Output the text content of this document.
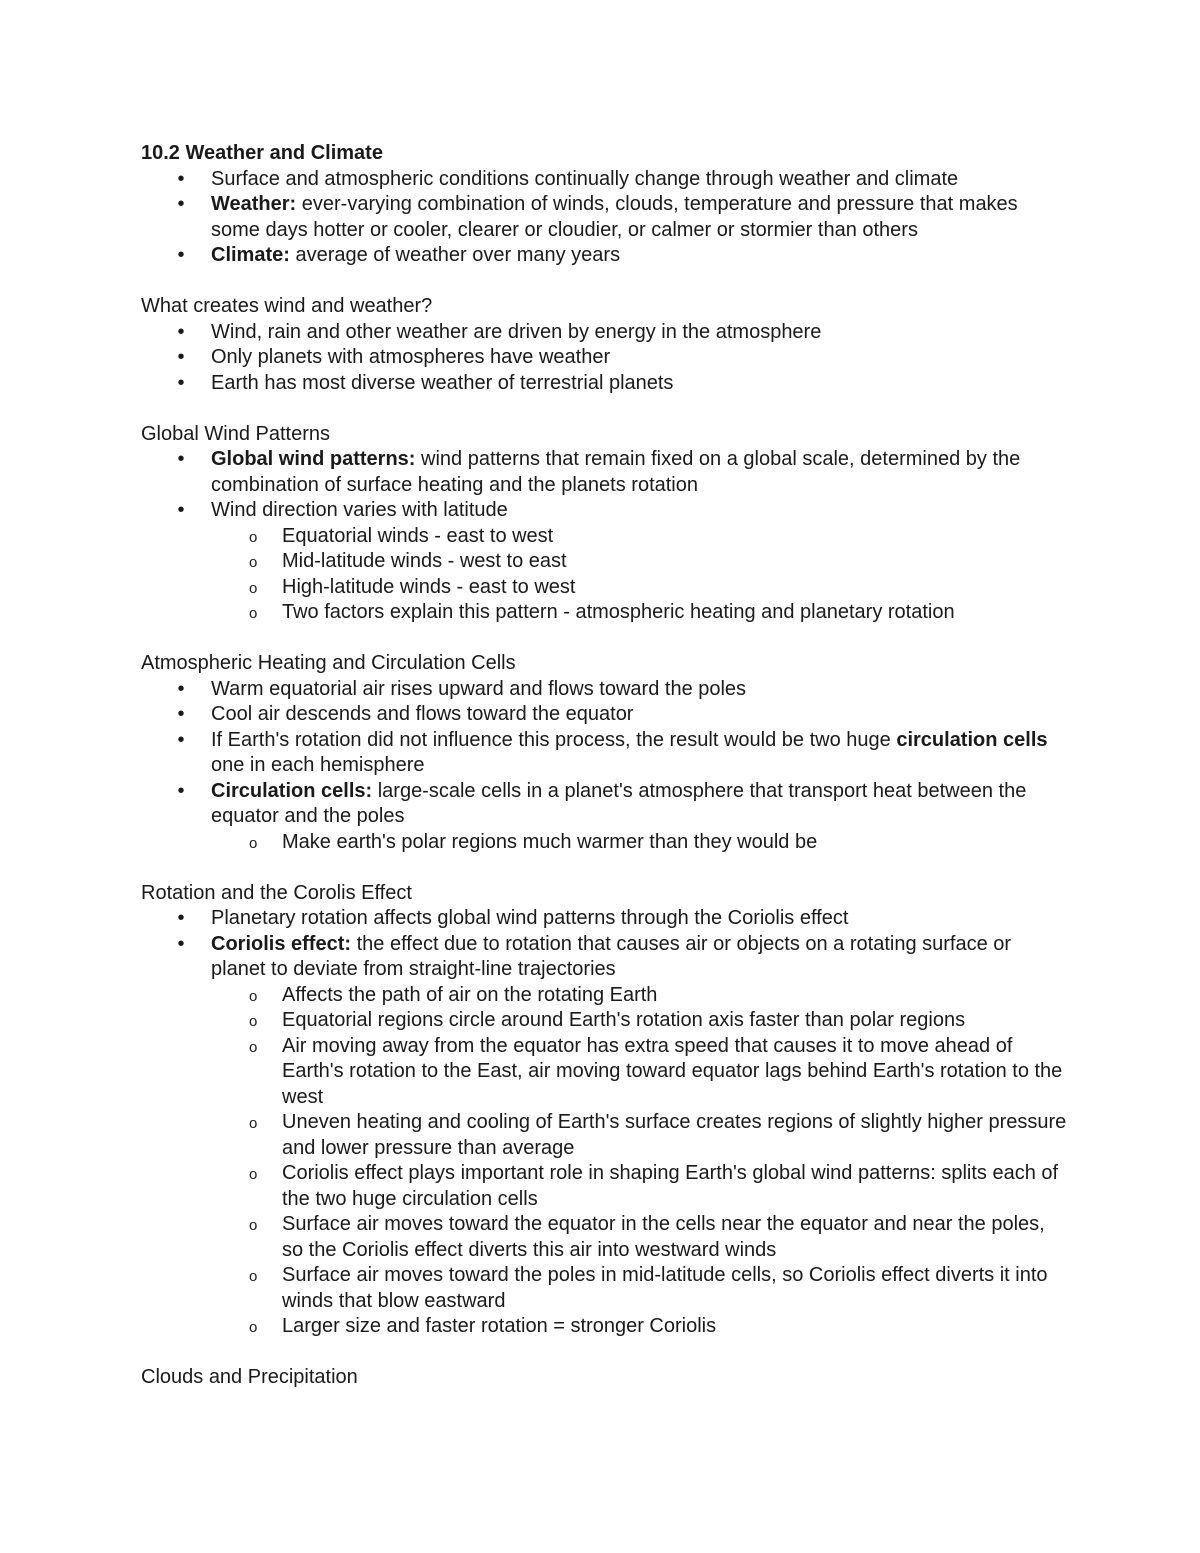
10.2 Weather and Climate

• Surface and atmospheric conditions continually change through weather and climate
• Weather: ever-varying combination of winds, clouds, temperature and pressure that makes some days hotter or cooler, clearer or cloudier, or calmer or stormier than others
• Climate: average of weather over many years

What creates wind and weather?

• Wind, rain and other weather are driven by energy in the atmosphere
• Only planets with atmospheres have weather
• Earth has most diverse weather of terrestrial planets

Global Wind Patterns

• Global wind patterns: wind patterns that remain fixed on a global scale, determined by the combination of surface heating and the planets rotation
• Wind direction varies with latitude
o Equatorial winds - east to west
o Mid-latitude winds - west to east
o High-latitude winds - east to west
o Two factors explain this pattern - atmospheric heating and planetary rotation

Atmospheric Heating and Circulation Cells

• Warm equatorial air rises upward and flows toward the poles
• Cool air descends and flows toward the equator
• If Earth's rotation did not influence this process, the result would be two huge circulation cells one in each hemisphere
• Circulation cells: large-scale cells in a planet's atmosphere that transport heat between the equator and the poles
o Make earth's polar regions much warmer than they would be

Rotation and the Corolis Effect

• Planetary rotation affects global wind patterns through the Coriolis effect
• Coriolis effect: the effect due to rotation that causes air or objects on a rotating surface or planet to deviate from straight-line trajectories
o Affects the path of air on the rotating Earth
o Equatorial regions circle around Earth's rotation axis faster than polar regions
o Air moving away from the equator has extra speed that causes it to move ahead of Earth's rotation to the East, air moving toward equator lags behind Earth's rotation to the west
o Uneven heating and cooling of Earth's surface creates regions of slightly higher pressure and lower pressure than average
o Coriolis effect plays important role in shaping Earth's global wind patterns: splits each of the two huge circulation cells
o Surface air moves toward the equator in the cells near the equator and near the poles, so the Coriolis effect diverts this air into westward winds
o Surface air moves toward the poles in mid-latitude cells, so Coriolis effect diverts it into winds that blow eastward
o Larger size and faster rotation = stronger Coriolis

Clouds and Precipitation
